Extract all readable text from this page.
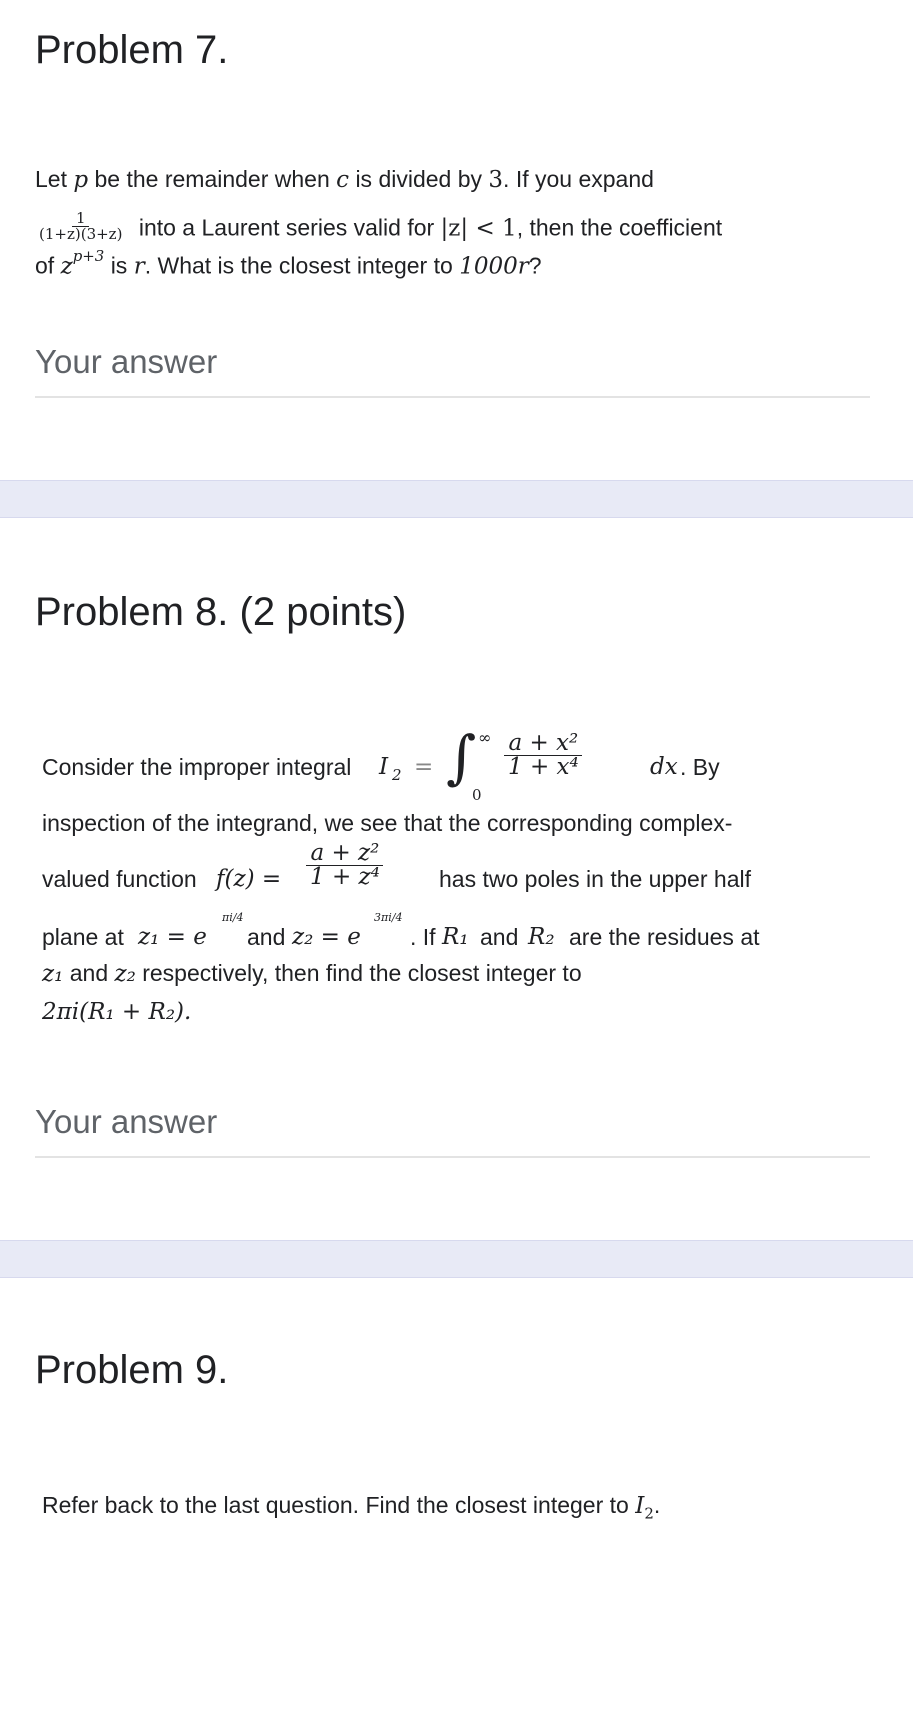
Problem 7.
Let p be the remainder when c is divided by 3. If you expand
$\frac{1}{(1+z)(3+z)}$ into a Laurent series valid for |z| < 1, then the coefficient
of $z^{p+3}$ is r. What is the closest integer to 1000r?
Your answer
Problem 8. (2 points)
Consider the improper integral I 2 = ∫ ∞
0
$\frac{\text{a + x²}}{\text{1 + x⁴}}$	dx . By
inspection of the integrand, we see that the corresponding complex-
valued function $f(z) = \frac{\text{a + z²}}{\text{1 + z⁴}}$ has two poles in the upper half
plane at z₁ = e
πi/4
and z₂ = e
3πi/4
. If R₁ and R₂ are the residues at
z₁ and z₂ respectively, then find the closest integer to
2πi(R₁ + R₂).
Your answer
Problem 9.
Refer back to the last question. Find the closest integer to $I_2$.
